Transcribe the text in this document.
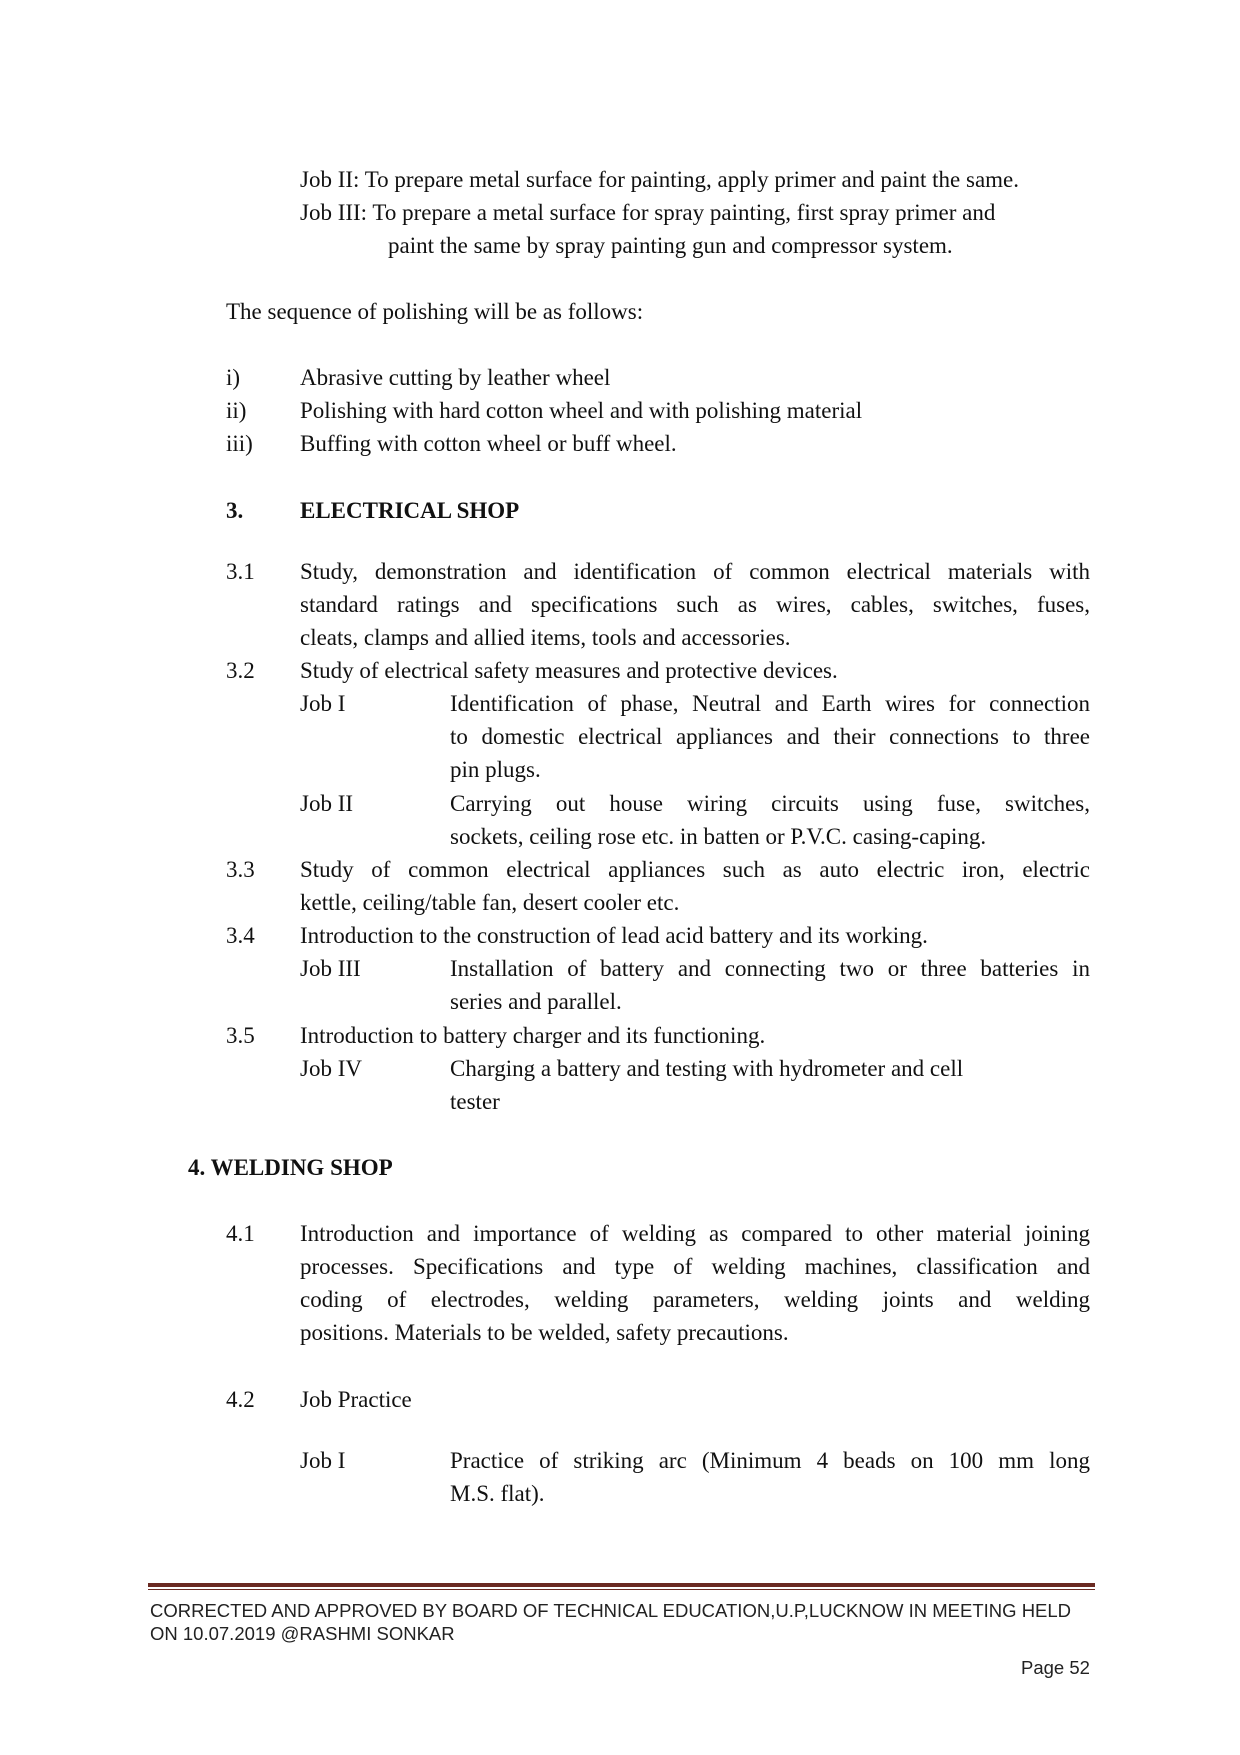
Job II: To prepare metal surface for painting, apply primer and paint the same.
Job III: To prepare a metal surface for spray painting, first spray primer and
paint the same by spray painting gun and compressor system.
The sequence of polishing will be as follows:
i)	Abrasive cutting by leather wheel
ii) Polishing with hard cotton wheel and with polishing material
iii) Buffing with cotton wheel or buff wheel.
3. ELECTRICAL SHOP
3.1 Study, demonstration and identification of common electrical materials with
standard ratings and specifications such as wires, cables, switches, fuses,
cleats, clamps and allied items, tools and accessories.
3.2 Study of electrical safety measures and protective devices.
Job I	Identification of phase, Neutral and Earth wires for connection
to domestic electrical appliances and their connections to three
pin plugs.
Job II	Carrying out house wiring circuits using fuse, switches,
sockets, ceiling rose etc. in batten or P.V.C. casing-caping.
3.3 Study of common electrical appliances such as auto electric iron, electric
kettle, ceiling/table fan, desert cooler etc.
3.4 Introduction to the construction of lead acid battery and its working.
Job III	Installation of battery and connecting two or three batteries in
series and parallel.
3.5 Introduction to battery charger and its functioning.
Job IV	Charging a battery and testing with hydrometer and cell
tester
4. WELDING SHOP
4.1 Introduction and importance of welding as compared to other material joining
processes. Specifications and type of welding machines, classification and
coding of electrodes, welding parameters, welding joints and welding
positions. Materials to be welded, safety precautions.
4.2 Job Practice
Job I	Practice of striking arc (Minimum 4 beads on 100 mm long
M.S. flat).
CORRECTED AND APPROVED BY BOARD OF TECHNICAL EDUCATION,U.P,LUCKNOW IN MEETING HELD
ON 10.07.2019 @RASHMI SONKAR
Page 52
